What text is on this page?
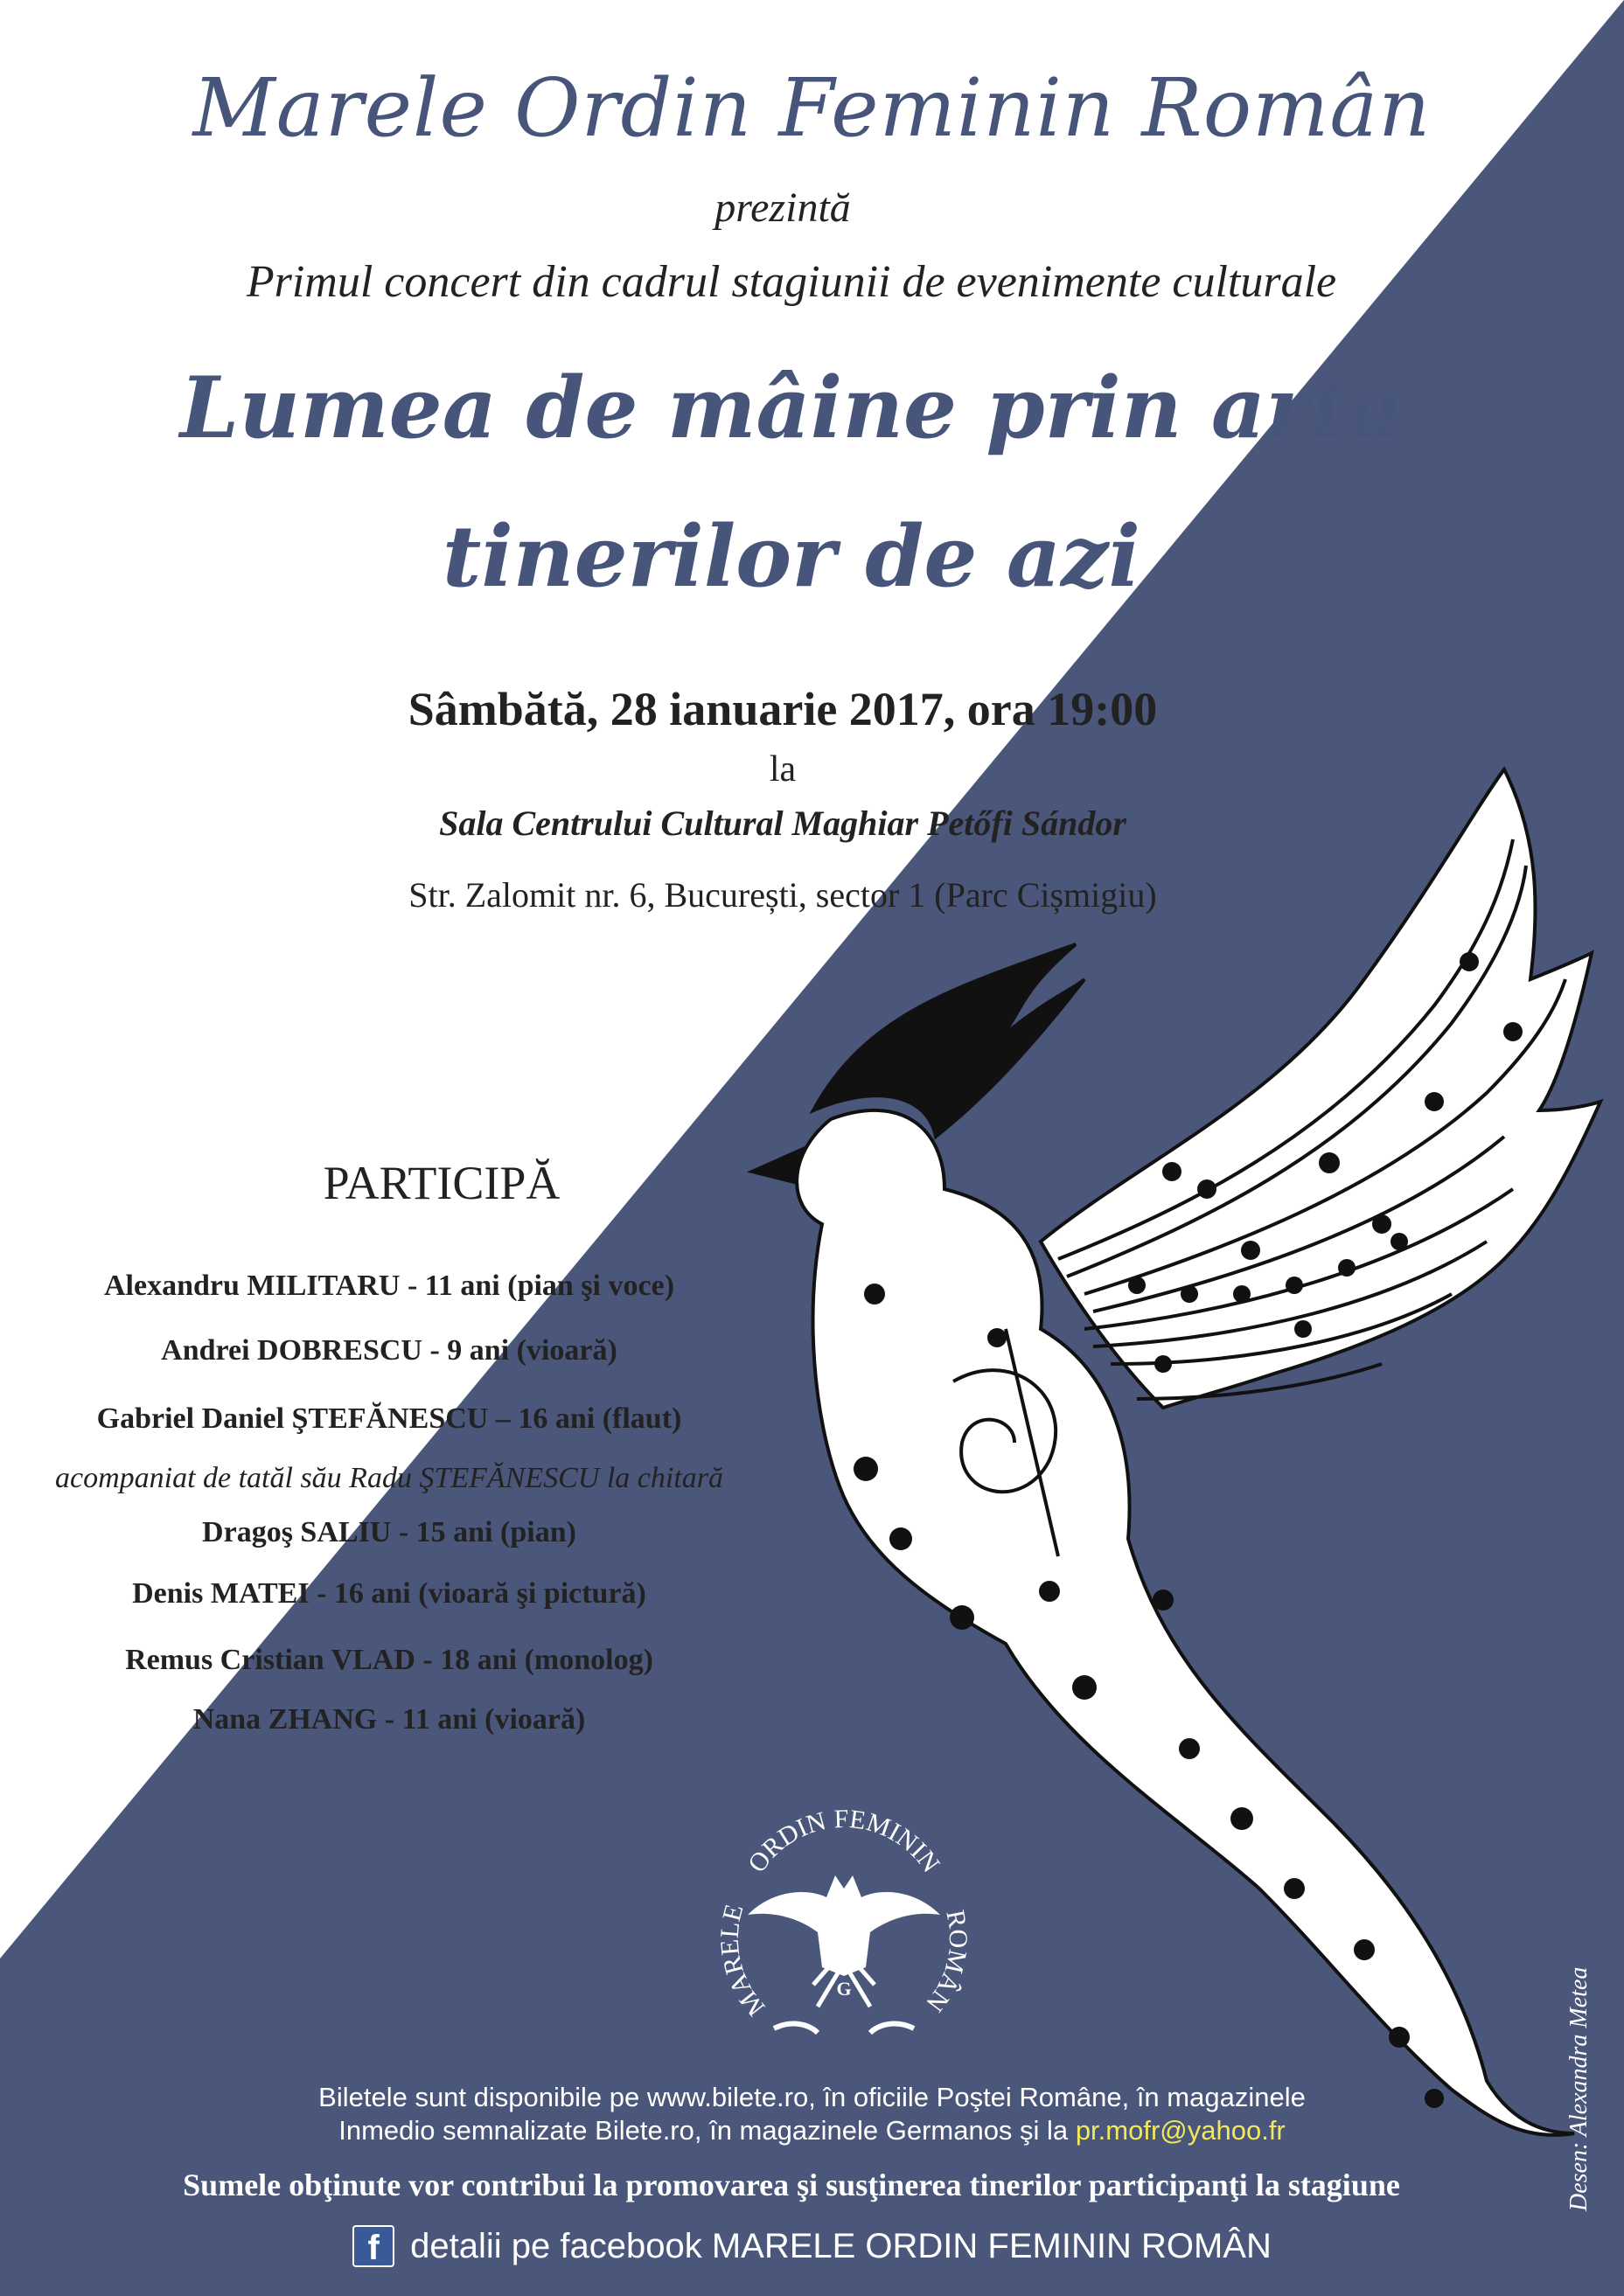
Marele Ordin Feminin Român
prezintă
Primul concert din cadrul stagiunii de evenimente culturale
Lumea de mâine prin arta
tinerilor de azi
Sâmbătă, 28 ianuarie 2017, ora 19:00
la
Sala Centrului Cultural Maghiar Petőfi Sándor
Str. Zalomit nr. 6, București, sector 1 (Parc Cișmigiu)
PARTICIPĂ
Alexandru MILITARU - 11 ani (pian şi voce)
Andrei DOBRESCU - 9 ani (vioară)
Gabriel Daniel ŞTEFĂNESCU – 16 ani (flaut)
acompaniat de tatăl său Radu ŞTEFĂNESCU la chitară
Dragoş SALIU - 15 ani (pian)
Denis MATEI - 16 ani (vioară şi pictură)
Remus Cristian VLAD - 18 ani (monolog)
Nana ZHANG - 11 ani (vioară)
ORDIN FEMININ
MARELE	ROMÂN
G
Biletele sunt disponibile pe www.bilete.ro, în oficiile Poştei Române, în magazinele
Inmedio semnalizate Bilete.ro, în magazinele Germanos şi la pr.mofr@yahoo.fr
Sumele obţinute vor contribui la promovarea şi susţinerea tinerilor participanţi la stagiune
f detalii pe facebook MARELE ORDIN FEMININ ROMÂN
Desen: Alexandra Metea
